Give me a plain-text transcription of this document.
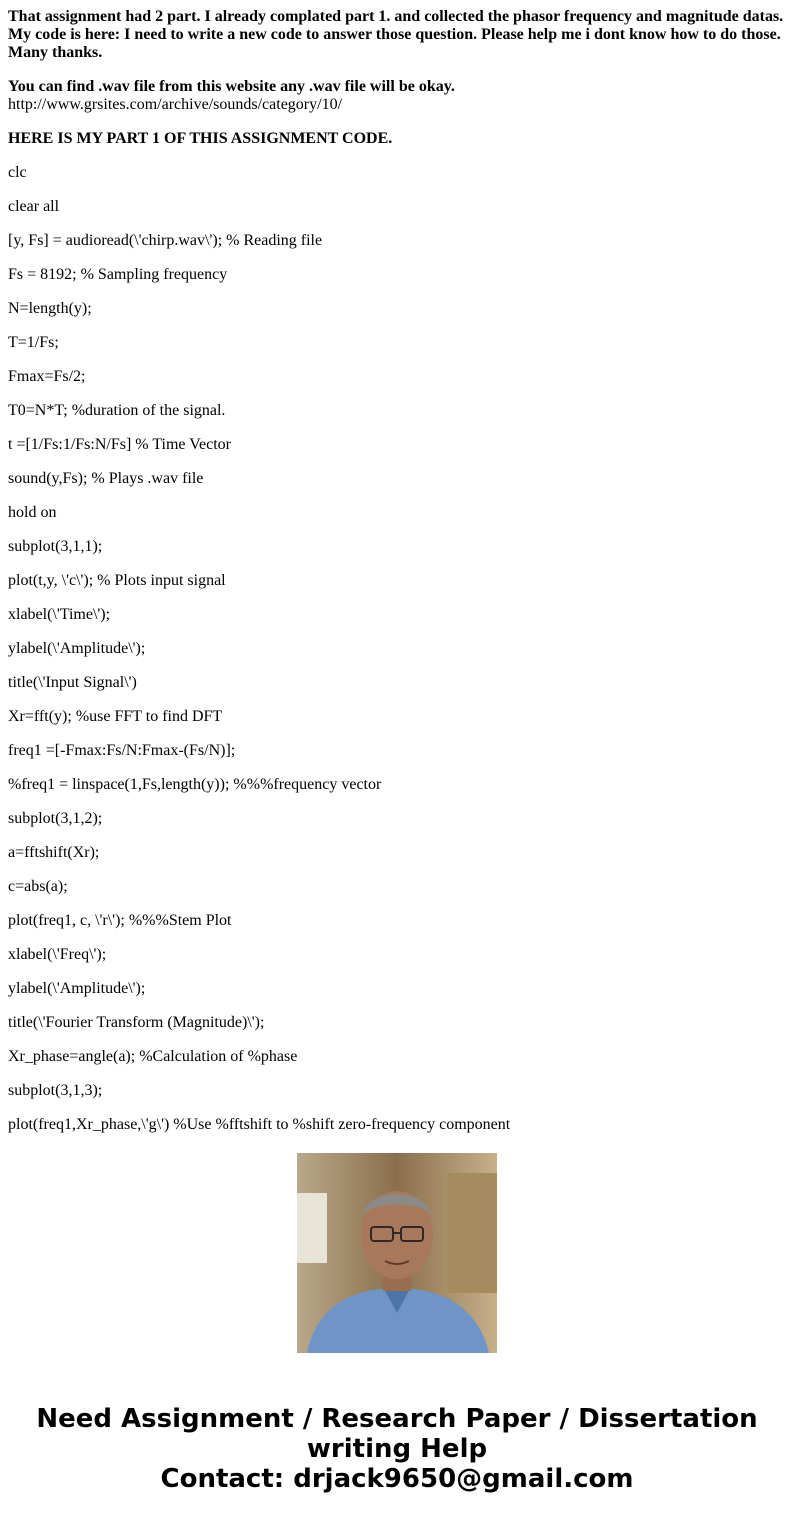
That assignment had 2 part. I already complated part 1. and collected the phasor frequency and magnitude datas. My code is here: I need to write a new code to answer those question. Please help me i dont know how to do those. Many thanks.

You can find .wav file from this website any .wav file will be okay.
http://www.grsites.com/archive/sounds/category/10/

HERE IS MY PART 1 OF THIS ASSIGNMENT CODE.

clc

clear all

[y, Fs] = audioread(\'chirp.wav\'); % Reading file

Fs = 8192; % Sampling frequency

N=length(y);

T=1/Fs;

Fmax=Fs/2;

T0=N*T; %duration of the signal.

t =[1/Fs:1/Fs:N/Fs] % Time Vector

sound(y,Fs); % Plays .wav file

hold on

subplot(3,1,1);

plot(t,y, \'c\'); % Plots input signal

xlabel(\'Time\');

ylabel(\'Amplitude\');

title(\'Input Signal\')

Xr=fft(y); %use FFT to find DFT

freq1 =[-Fmax:Fs/N:Fmax-(Fs/N)];

%freq1 = linspace(1,Fs,length(y)); %%%frequency vector

subplot(3,1,2);

a=fftshift(Xr);

c=abs(a);

plot(freq1, c, \'r\'); %%%Stem Plot

xlabel(\'Freq\');

ylabel(\'Amplitude\');

title(\'Fourier Transform (Magnitude)\');

Xr_phase=angle(a); %Calculation of %phase

subplot(3,1,3);

plot(freq1,Xr_phase,\'g\') %Use %fftshift to %shift zero-frequency component

Need Assignment / Research Paper / Dissertation
writing Help
Contact: drjack9650@gmail.com
